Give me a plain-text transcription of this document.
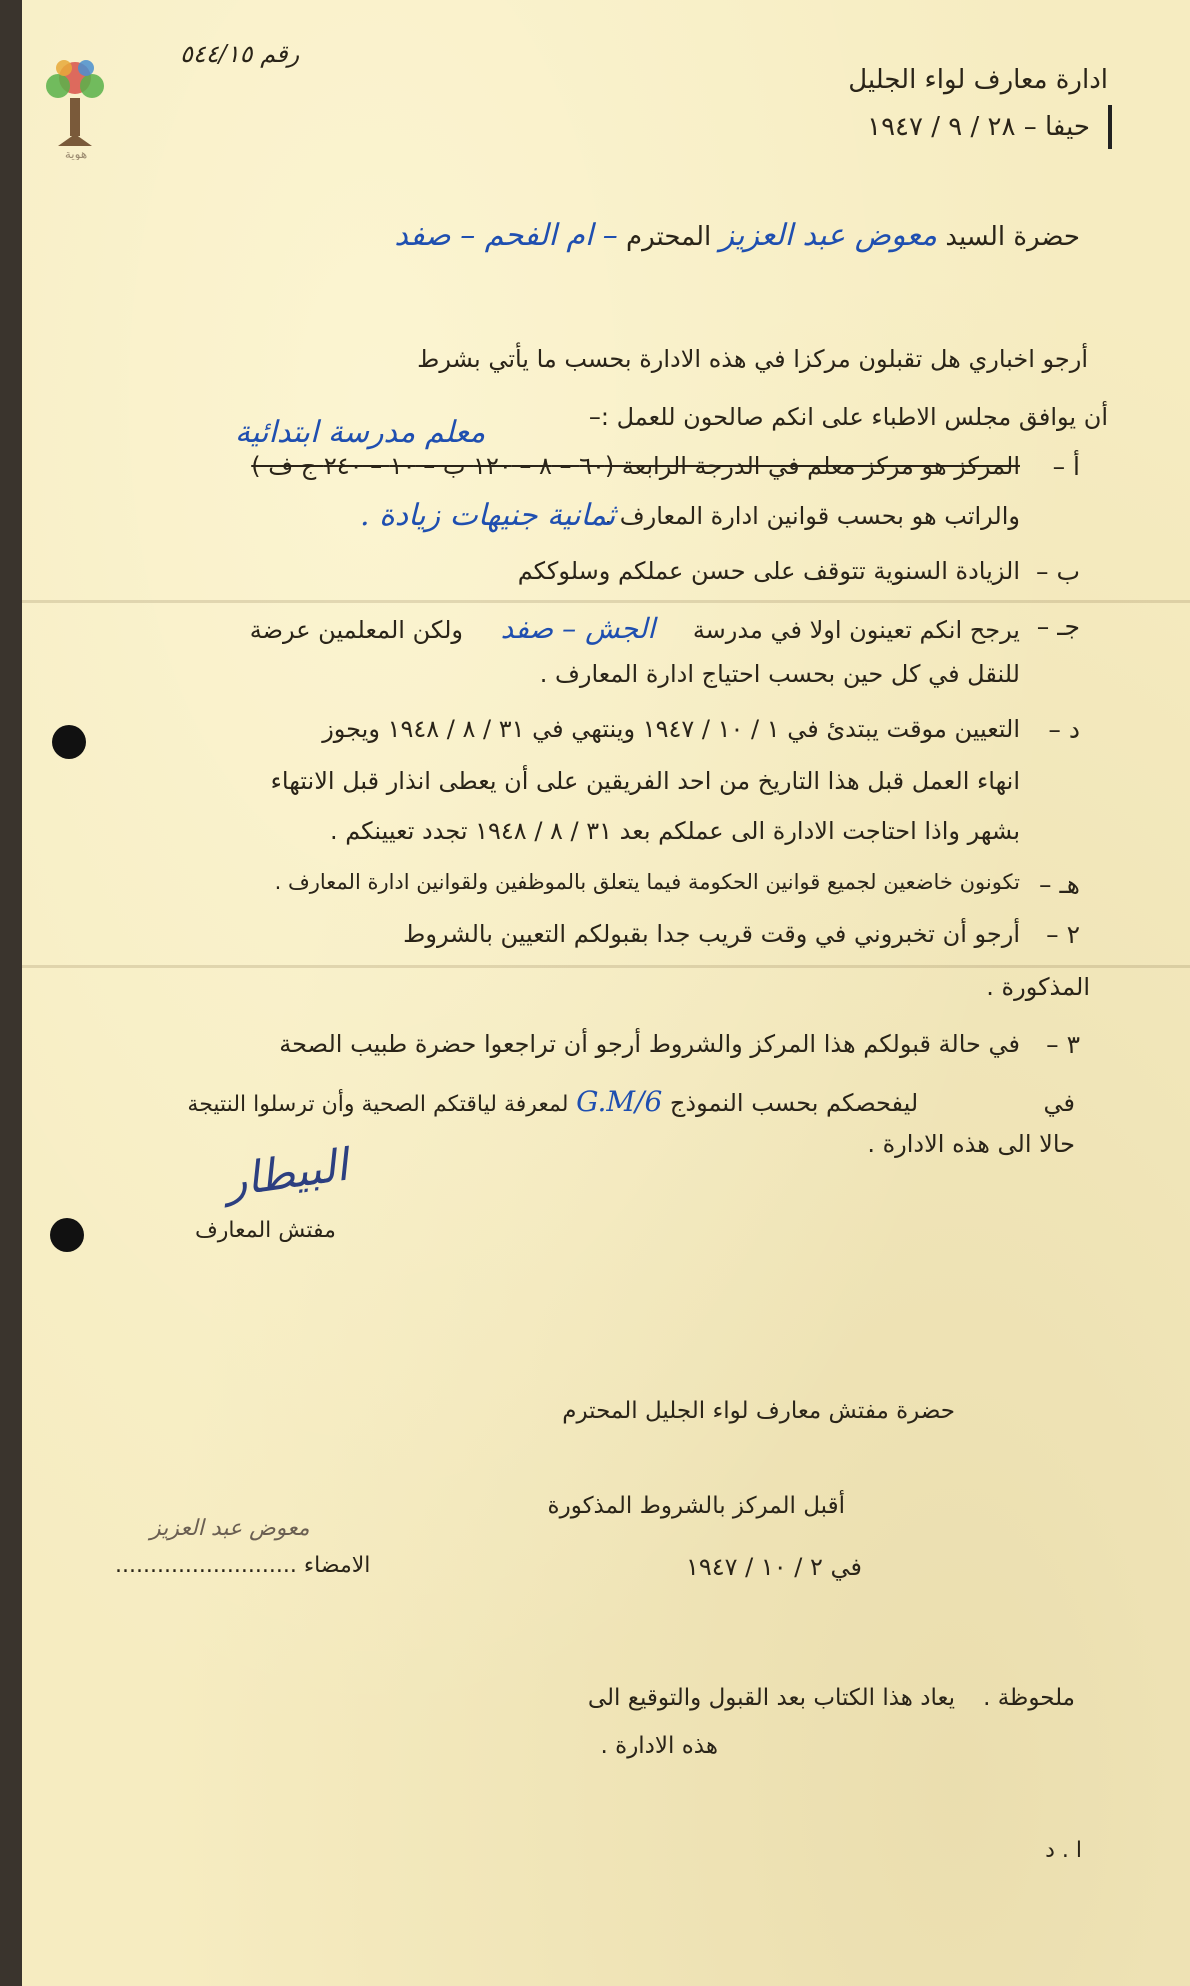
هوية
رقم ٥٤٤/١٥
ادارة معارف لواء الجليل
حيفا – ٢٨ / ٩ / ١٩٤٧
حضرة السيد معوض عبد العزيز المحترم – ام الفحم – صفد
أرجو اخباري هل تقبلون مركزا في هذه الادارة بحسب ما يأتي بشرط
أن يوافق مجلس الاطباء على انكم صالحون للعمل :–
معلم مدرسة ابتدائية
أ –
المركز هو مركز معلم في الدرجة الرابعة (٦٠ – ٨ – ١٢٠ ب – ١٠ – ٢٤٠ ج ف )
والراتب هو بحسب قوانين ادارة المعارف .
ثمانية جنيهات زيادة .
ب –
الزيادة السنوية تتوقف على حسن عملكم وسلوككم
جـ –
يرجح انكم تعينون اولا في مدرسة الجش – صفد ولكن المعلمين عرضة
للنقل في كل حين بحسب احتياج ادارة المعارف .
د –
التعيين موقت يبتدئ في ١ / ١٠ / ١٩٤٧ وينتهي في ٣١ / ٨ / ١٩٤٨ ويجوز
انهاء العمل قبل هذا التاريخ من احد الفريقين على أن يعطى انذار قبل الانتهاء
بشهر واذا احتاجت الادارة الى عملكم بعد ٣١ / ٨ / ١٩٤٨ تجدد تعيينكم .
هـ –
تكونون خاضعين لجميع قوانين الحكومة فيما يتعلق بالموظفين ولقوانين ادارة المعارف .
٢ –
أرجو أن تخبروني في وقت قريب جدا بقبولكم التعيين بالشروط
المذكورة .
٣ –
في حالة قبولكم هذا المركز والشروط أرجو أن تراجعوا حضرة طبيب الصحة
في  ليفحصكم بحسب النموذج G.M/6 لمعرفة لياقتكم الصحية وأن ترسلوا النتيجة
حالا الى هذه الادارة .
البيطار
مفتش المعارف
حضرة مفتش معارف لواء الجليل المحترم
أقبل المركز بالشروط المذكورة
في ٢ / ١٠ / ١٩٤٧
الامضاء ..........................
معوض عبد العزيز
ملحوظة .
يعاد هذا الكتاب بعد القبول والتوقيع الى
هذه الادارة .
ا . د
